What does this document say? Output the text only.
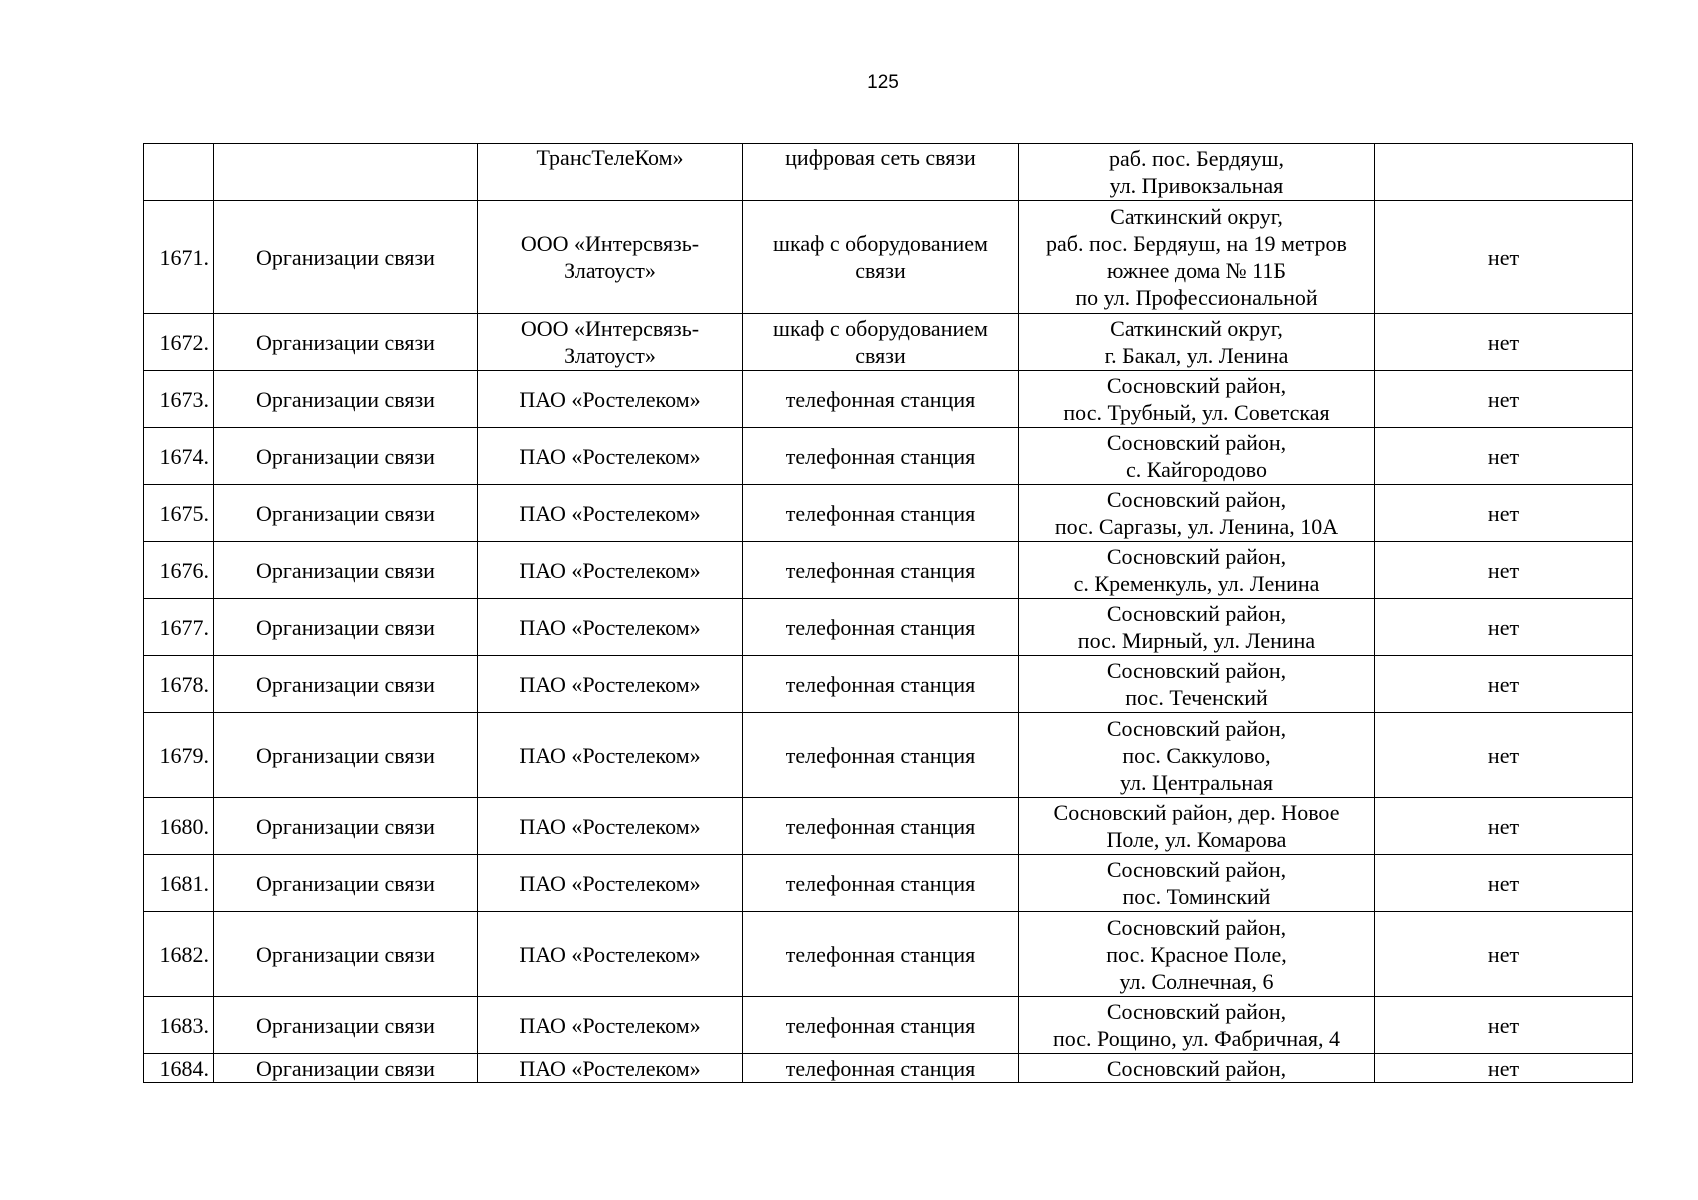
125

		ТрансТелеКом»	цифровая сеть связи	раб. пос. Бердяуш,
ул. Привокзальная	

1671.	Организации связи	ООО «Интерсвязь-
Златоуст»	шкаф с оборудованием
связи	Саткинский округ,
раб. пос. Бердяуш, на 19 метров
южнее дома № 11Б
по ул. Профессиональной	нет
1672.	Организации связи	ООО «Интерсвязь-
Златоуст»	шкаф с оборудованием
связи	Саткинский округ,
г. Бакал, ул. Ленина	нет
1673.	Организации связи	ПАО «Ростелеком»	телефонная станция	Сосновский район,
пос. Трубный, ул. Советская	нет
1674.	Организации связи	ПАО «Ростелеком»	телефонная станция	Сосновский район,
с. Кайгородово	нет
1675.	Организации связи	ПАО «Ростелеком»	телефонная станция	Сосновский район,
пос. Саргазы, ул. Ленина, 10А	нет
1676.	Организации связи	ПАО «Ростелеком»	телефонная станция	Сосновский район,
с. Кременкуль, ул. Ленина	нет
1677.	Организации связи	ПАО «Ростелеком»	телефонная станция	Сосновский район,
пос. Мирный, ул. Ленина	нет
1678.	Организации связи	ПАО «Ростелеком»	телефонная станция	Сосновский район,
пос. Теченский	нет
1679.	Организации связи	ПАО «Ростелеком»	телефонная станция	Сосновский район,
пос. Саккулово,
ул. Центральная	нет
1680.	Организации связи	ПАО «Ростелеком»	телефонная станция	Сосновский район, дер. Новое
Поле, ул. Комарова	нет
1681.	Организации связи	ПАО «Ростелеком»	телефонная станция	Сосновский район,
пос. Томинский	нет
1682.	Организации связи	ПАО «Ростелеком»	телефонная станция	Сосновский район,
пос. Красное Поле,
ул. Солнечная, 6	нет
1683.	Организации связи	ПАО «Ростелеком»	телефонная станция	Сосновский район,
пос. Рощино, ул. Фабричная, 4	нет
1684.	Организации связи	ПАО «Ростелеком»	телефонная станция	Сосновский район,	нет
